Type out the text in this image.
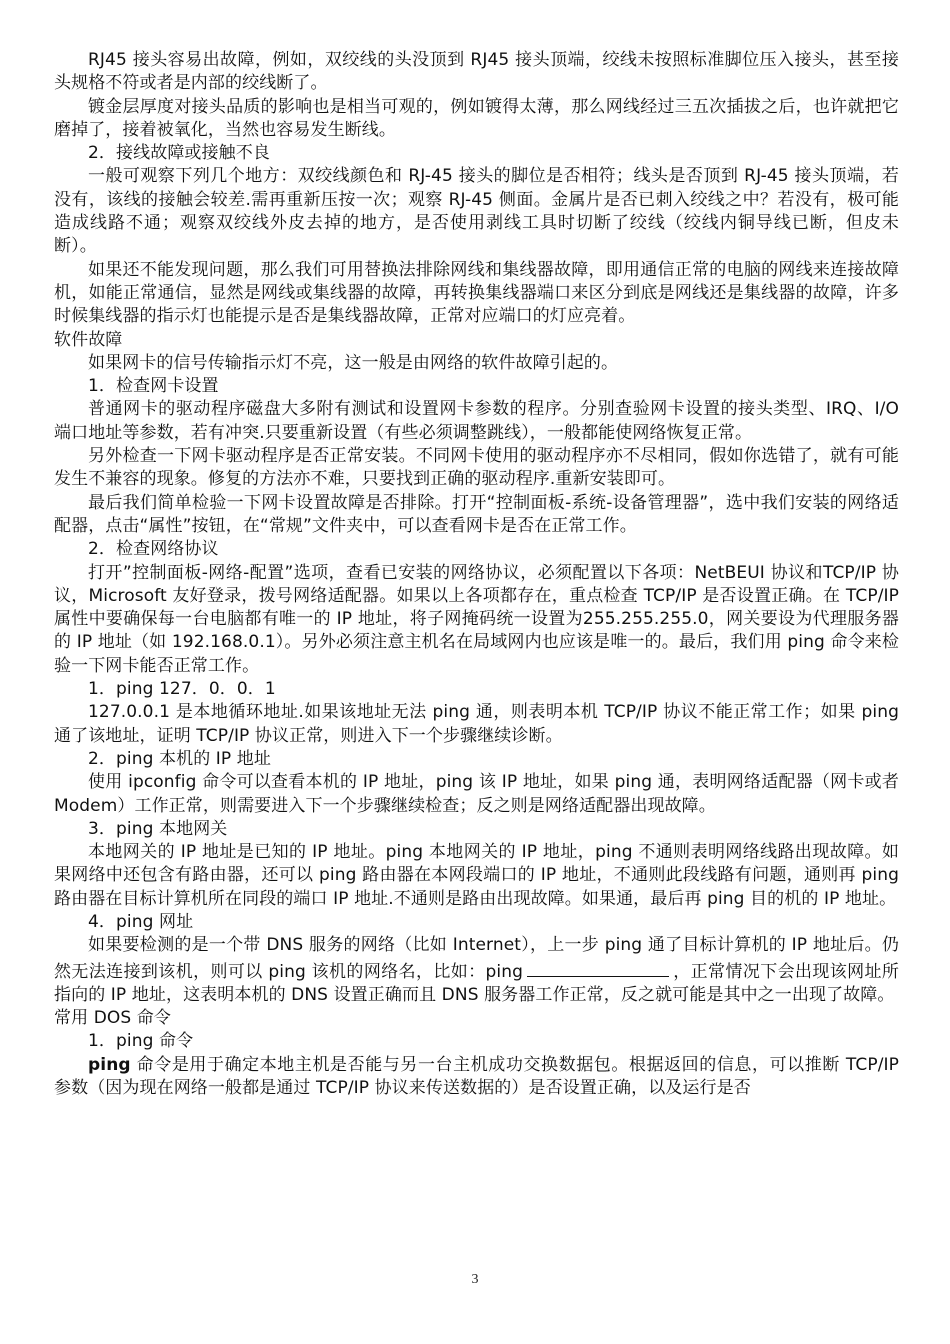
RJ45 接头容易出故障，例如，双绞线的头没顶到 RJ45 接头顶端，绞线未按照标准脚位压入接头，甚至接头规格不符或者是内部的绞线断了。

镀金层厚度对接头品质的影响也是相当可观的，例如镀得太薄，那么网线经过三五次插拔之后，也许就把它磨掉了，接着被氧化，当然也容易发生断线。

2．接线故障或接触不良

一般可观察下列几个地方：双绞线颜色和 RJ-45 接头的脚位是否相符；线头是否顶到 RJ-45 接头顶端，若没有，该线的接触会较差.需再重新压按一次；观察 RJ-45 侧面。金属片是否已刺入绞线之中？若没有，极可能造成线路不通；观察双绞线外皮去掉的地方，是否使用剥线工具时切断了绞线（绞线内铜导线已断，但皮未断）。

如果还不能发现问题，那么我们可用替换法排除网线和集线器故障，即用通信正常的电脑的网线来连接故障机，如能正常通信，显然是网线或集线器的故障，再转换集线器端口来区分到底是网线还是集线器的故障，许多时候集线器的指示灯也能提示是否是集线器故障，正常对应端口的灯应亮着。

软件故障

如果网卡的信号传输指示灯不亮，这一般是由网络的软件故障引起的。

1．检查网卡设置

普通网卡的驱动程序磁盘大多附有测试和设置网卡参数的程序。分别查验网卡设置的接头类型、IRQ、I/O 端口地址等参数，若有冲突.只要重新设置（有些必须调整跳线），一般都能使网络恢复正常。

另外检查一下网卡驱动程序是否正常安装。不同网卡使用的驱动程序亦不尽相同，假如你选错了，就有可能发生不兼容的现象。修复的方法亦不难，只要找到正确的驱动程序.重新安装即可。

最后我们简单检验一下网卡设置故障是否排除。打开“控制面板-系统-设备管理器”，选中我们安装的网络适配器，点击“属性”按钮，在“常规”文件夹中，可以查看网卡是否在正常工作。

2．检查网络协议

打开”控制面板-网络-配置”选项，查看已安装的网络协议，必须配置以下各项：NetBEUI 协议和TCP/IP 协议，Microsoft 友好登录，拨号网络适配器。如果以上各项都存在，重点检查 TCP/IP 是否设置正确。在 TCP/IP 属性中要确保每一台电脑都有唯一的 IP 地址，将子网掩码统一设置为255.255.255.0，网关要设为代理服务器的 IP 地址（如 192.168.0.1）。另外必须注意主机名在局域网内也应该是唯一的。最后，我们用 ping 命令来检验一下网卡能否正常工作。

1．ping 127．0．0．1

127.0.0.1 是本地循环地址.如果该地址无法 ping 通，则表明本机 TCP/IP 协议不能正常工作；如果 ping 通了该地址，证明 TCP/IP 协议正常，则进入下一个步骤继续诊断。

2．ping 本机的 IP 地址

使用 ipconfig 命令可以查看本机的 IP 地址，ping 该 IP 地址，如果 ping 通，表明网络适配器（网卡或者 Modem）工作正常，则需要进入下一个步骤继续检查；反之则是网络适配器出现故障。

3．ping 本地网关

本地网关的 IP 地址是已知的 IP 地址。ping 本地网关的 IP 地址，ping 不通则表明网络线路出现故障。如果网络中还包含有路由器，还可以 ping 路由器在本网段端口的 IP 地址，不通则此段线路有问题，通则再 ping 路由器在目标计算机所在同段的端口 IP 地址.不通则是路由出现故障。如果通，最后再 ping 目的机的 IP 地址。

4．ping 网址

如果要检测的是一个带 DNS 服务的网络（比如 Internet），上一步 ping 通了目标计算机的 IP 地址后。仍然无法连接到该机，则可以 ping 该机的网络名，比如：ping	，正常情况下会出现该网址所指向的 IP 地址，这表明本机的 DNS 设置正确而且 DNS 服务器工作正常，反之就可能是其中之一出现了故障。

常用 DOS 命令

1．ping 命令

ping 命令是用于确定本地主机是否能与另一台主机成功交换数据包。根据返回的信息，可以推断 TCP/IP 参数（因为现在网络一般都是通过 TCP/IP 协议来传送数据的）是否设置正确，以及运行是否

3
